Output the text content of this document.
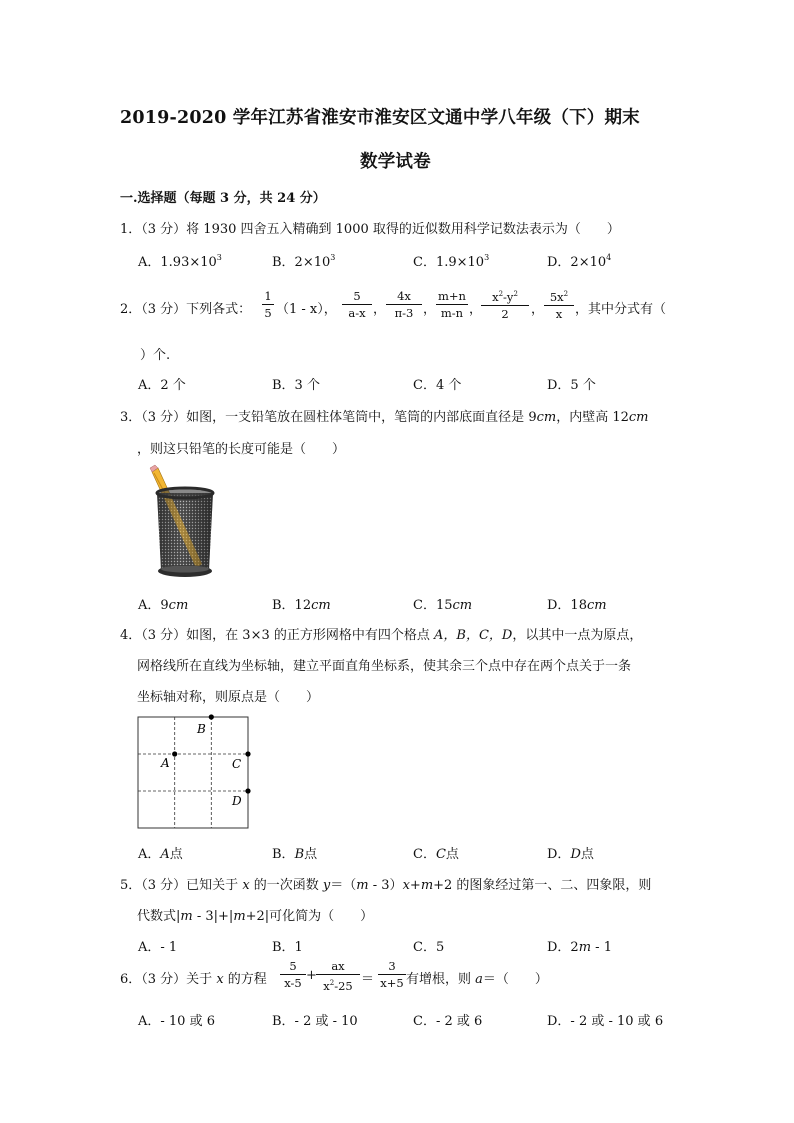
2019-2020 学年江苏省淮安市淮安区文通中学八年级（下）期末
数学试卷
一.选择题（每题 3 分，共 24 分）
1．（3 分）将 1930 四舍五入精确到 1000 取得的近似数用科学记数法表示为（　　）
A．$1.93\times 10^3$	B．$2\times 10^3$	C．$1.9\times 10^3$	D．$2\times 10^4$
2．（3 分）下列各式： $\frac{1}{5} (1 - x)$， $\frac{5}{a-x}$ ， $\frac{4x}{\pi-3}$ ， $\frac{m+n}{m-n}$ ，
$\frac{x^2-y^2}{2}$ ， $\frac{5x^2}{x}$ ，其中分式有（
）个.
A．2 个	B．3 个	C．4 个	D．5 个
3．（3 分）如图，一支铅笔放在圆柱体笔筒中，笔筒的内部底面直径是 9cm，内壁高 12cm
，则这只铅笔的长度可能是（　　）
A．9cm	B．12cm	C．15cm	D．18cm
4．（3 分）如图，在 3×3 的正方形网格中有四个格点 A，B，C，D，以其中一点为原点，
网格线所在直线为坐标轴，建立平面直角坐标系，使其余三个点中存在两个点关于一条
坐标轴对称，则原点是（　　）
B
A	C
D
A．A点	B．B点	C．C点	D．D点
5．（3 分）已知关于 x 的一次函数 y＝（m - 3）x+m+2 的图象经过第一、二、四象限，则
代数式|m - 3|+|m+2|可化简为（　　）
A．- 1	B．1	C．5	D．2m - 1
6．（3 分）关于 x 的方程 $\frac{5}{x-5} + \frac{ax}{x^2-25} = \frac{3}{x+5}$ 有增根，则 a＝（　　）
A．- 10 或 6	B．- 2 或 - 10	C．- 2 或 6	D．- 2 或 - 10 或 6
